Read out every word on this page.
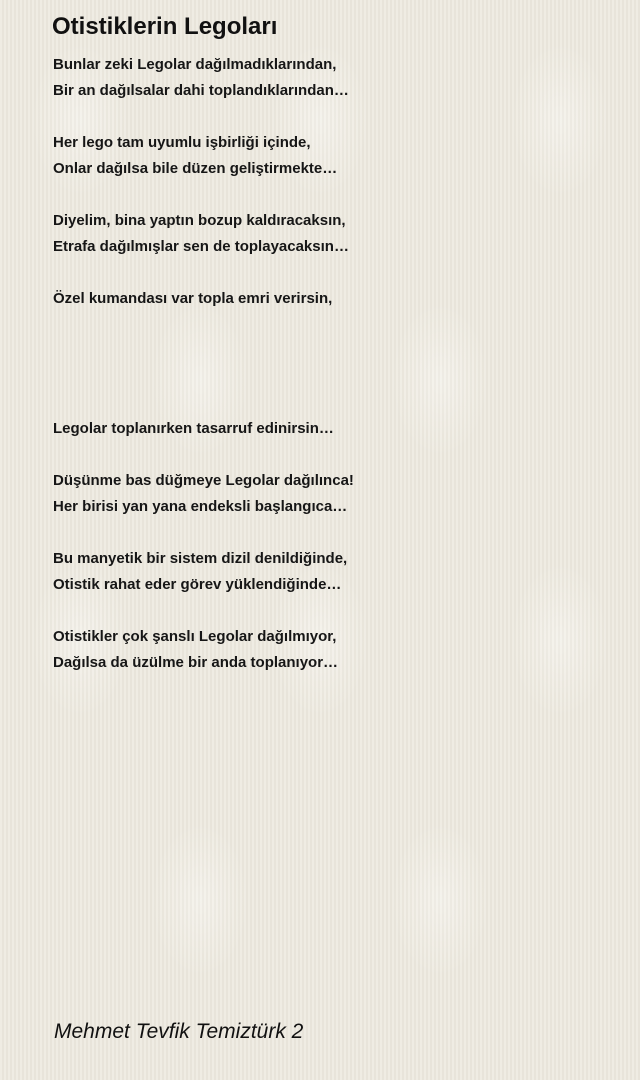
Otistiklerin Legoları

Bunlar zeki Legolar dağılmadıklarından,
Bir an dağılsalar dahi toplandıklarından…

Her lego tam uyumlu işbirliği içinde,
Onlar dağılsa bile düzen geliştirmekte…

Diyelim, bina yaptın bozup kaldıracaksın,
Etrafa dağılmışlar sen de toplayacaksın…

Özel kumandası var topla emri verirsin,

Legolar toplanırken tasarruf edinirsin…

Düşünme bas düğmeye Legolar dağılınca!
Her birisi yan yana endeksli başlangıca…

Bu manyetik bir sistem dizil denildiğinde,
Otistik rahat eder görev yüklendiğinde…

Otistikler çok şanslı Legolar dağılmıyor,
Dağılsa da üzülme bir anda toplanıyor…

Mehmet Tevfik Temiztürk 2
